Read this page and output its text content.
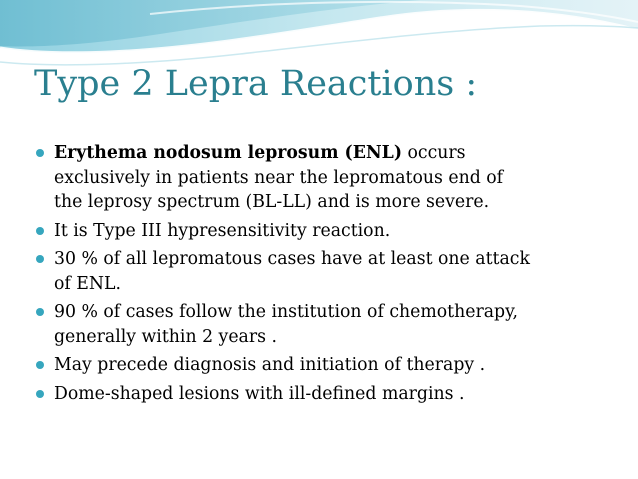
Type 2 Lepra Reactions :
Erythema nodosum leprosum (ENL) occurs
exclusively in patients near the lepromatous end of
the leprosy spectrum (BL-LL) and is more severe.
It is Type III hypresensitivity reaction.
30 % of all lepromatous cases have at least one attack
of ENL.
90 % of cases follow the institution of chemotherapy,
generally within 2 years .
May precede diagnosis and initiation of therapy .
Dome-shaped lesions with ill-defined margins .
